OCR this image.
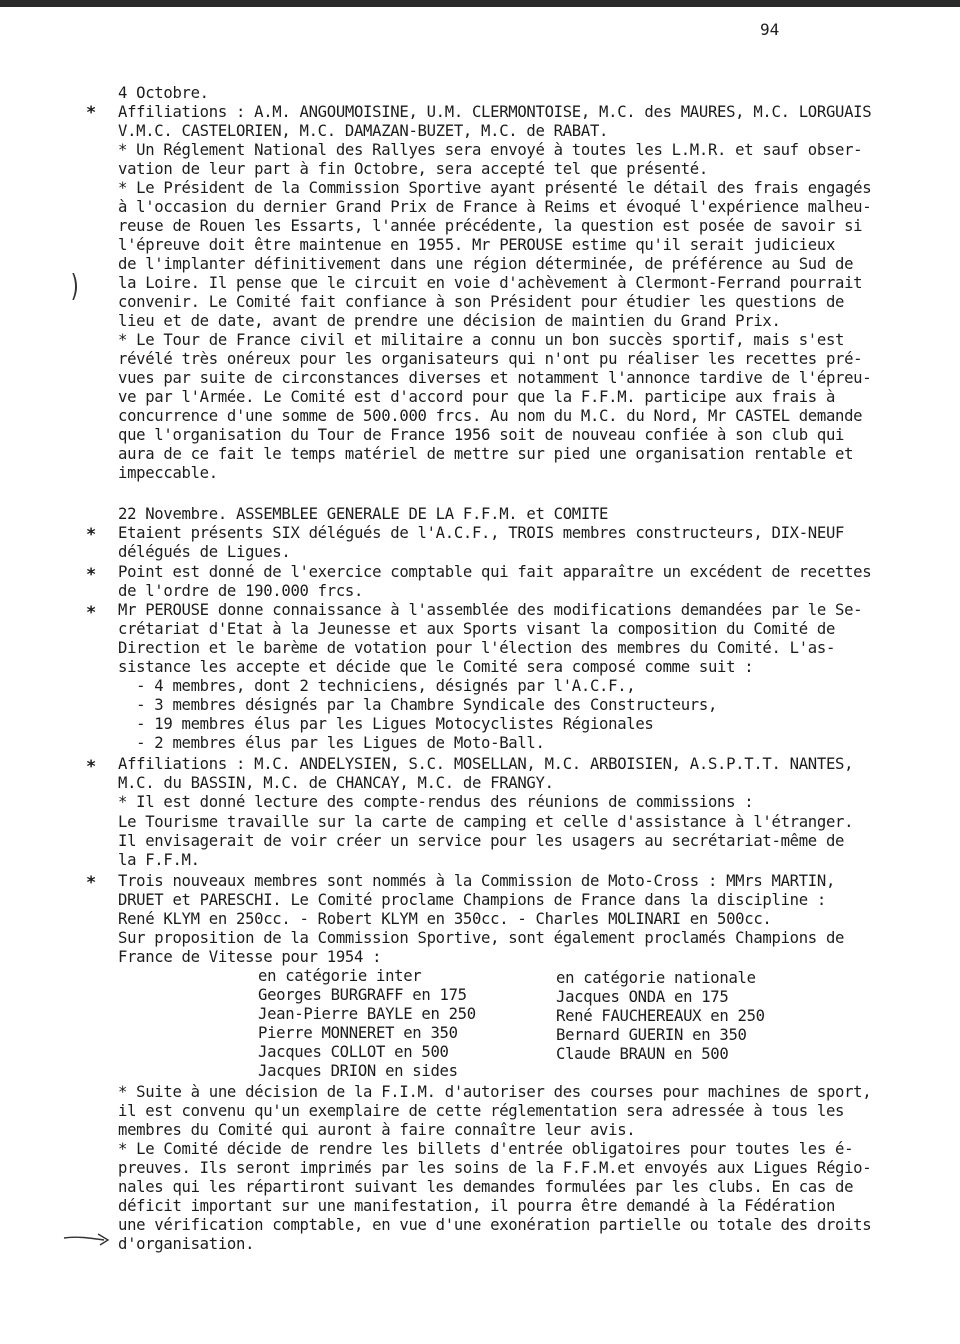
94
)
*
*
*
*
*
*
4 Octobre.
Affiliations : A.M. ANGOUMOISINE, U.M. CLERMONTOISE, M.C. des MAURES, M.C. LORGUAIS
V.M.C. CASTELORIEN, M.C. DAMAZAN-BUZET, M.C. de RABAT.
* Un Réglement National des Rallyes sera envoyé à toutes les L.M.R. et sauf obser-
vation de leur part à fin Octobre, sera accepté tel que présenté.
* Le Président de la Commission Sportive ayant présenté le détail des frais engagés
à l'occasion du dernier Grand Prix de France à Reims et évoqué l'expérience malheu-
reuse de Rouen les Essarts, l'année précédente, la question est posée de savoir si
l'épreuve doit être maintenue en 1955. Mr PEROUSE estime qu'il serait judicieux
de l'implanter définitivement dans une région déterminée, de préférence au Sud de
la Loire. Il pense que le circuit en voie d'achèvement à Clermont-Ferrand pourrait
convenir. Le Comité fait confiance à son Président pour étudier les questions de
lieu et de date, avant de prendre une décision de maintien du Grand Prix.
* Le Tour de France civil et militaire a connu un bon succès sportif, mais s'est
révélé très onéreux pour les organisateurs qui n'ont pu réaliser les recettes pré-
vues par suite de circonstances diverses et notamment l'annonce tardive de l'épreu-
ve par l'Armée. Le Comité est d'accord pour que la F.F.M. participe aux frais à
concurrence d'une somme de 500.000 frcs. Au nom du M.C. du Nord, Mr CASTEL demande
que l'organisation du Tour de France 1956 soit de nouveau confiée à son club qui
aura de ce fait le temps matériel de mettre sur pied une organisation rentable et
impeccable.
22 Novembre. ASSEMBLEE GENERALE DE LA F.F.M. et COMITE
Etaient présents SIX délégués de l'A.C.F., TROIS membres constructeurs, DIX-NEUF
délégués de Ligues.
Point est donné de l'exercice comptable qui fait apparaître un excédent de recettes
de l'ordre de 190.000 frcs.
Mr PEROUSE donne connaissance à l'assemblée des modifications demandées par le Se-
crétariat d'Etat à la Jeunesse et aux Sports visant la composition du Comité de
Direction et le barème de votation pour l'élection des membres du Comité. L'as-
sistance les accepte et décide que le Comité sera composé comme suit :
- 4 membres, dont 2 techniciens, désignés par l'A.C.F.,
- 3 membres désignés par la Chambre Syndicale des Constructeurs,
- 19 membres élus par les Ligues Motocyclistes Régionales
- 2 membres élus par les Ligues de Moto-Ball.
Affiliations : M.C. ANDELYSIEN, S.C. MOSELLAN, M.C. ARBOISIEN, A.S.P.T.T. NANTES,
M.C. du BASSIN, M.C. de CHANCAY, M.C. de FRANGY.
* Il est donné lecture des compte-rendus des réunions de commissions :
Le Tourisme travaille sur la carte de camping et celle d'assistance à l'étranger.
Il envisagerait de voir créer un service pour les usagers au secrétariat-même de
la F.F.M.
Trois nouveaux membres sont nommés à la Commission de Moto-Cross : MMrs MARTIN,
DRUET et PARESCHI. Le Comité proclame Champions de France dans la discipline :
René KLYM en 250cc. - Robert KLYM en 350cc. - Charles MOLINARI en 500cc.
Sur proposition de la Commission Sportive, sont également proclamés Champions de
France de Vitesse pour 1954 :
en catégorie inter
Georges BURGRAFF en 175
Jean-Pierre BAYLE en 250
Pierre MONNERET en 350
Jacques COLLOT en 500
Jacques DRION en sides
en catégorie nationale
Jacques ONDA en 175
René FAUCHEREAUX en 250
Bernard GUERIN en 350
Claude BRAUN en 500
* Suite à une décision de la F.I.M. d'autoriser des courses pour machines de sport,
il est convenu qu'un exemplaire de cette réglementation sera adressée à tous les
membres du Comité qui auront à faire connaître leur avis.
* Le Comité décide de rendre les billets d'entrée obligatoires pour toutes les é-
preuves. Ils seront imprimés par les soins de la F.F.M.et envoyés aux Ligues Régio-
nales qui les répartiront suivant les demandes formulées par les clubs. En cas de
déficit important sur une manifestation, il pourra être demandé à la Fédération
une vérification comptable, en vue d'une exonération partielle ou totale des droits
d'organisation.
